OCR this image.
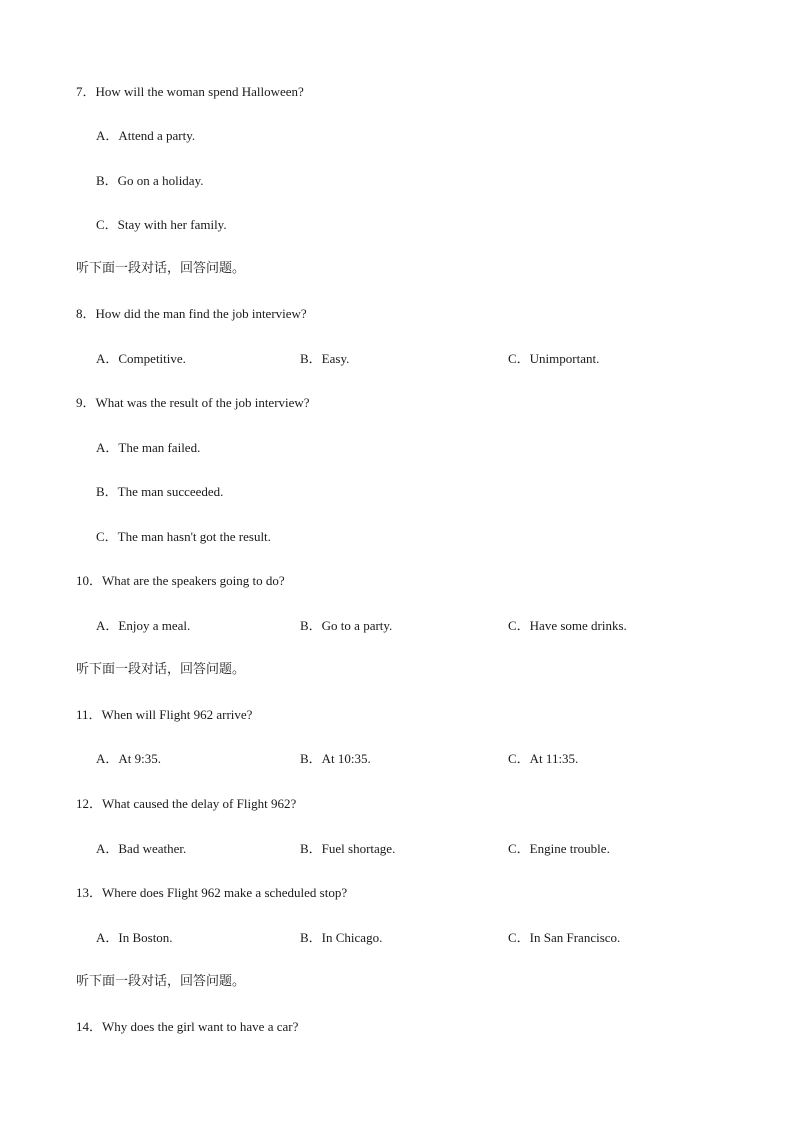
7．How will the woman spend Halloween?
A．Attend a party.
B．Go on a holiday.
C．Stay with her family.
听下面一段对话，回答问题。
8．How did the man find the job interview?
A．Competitive.	B．Easy.	C．Unimportant.
9．What was the result of the job interview?
A．The man failed.
B．The man succeeded.
C．The man hasn't got the result.
10．What are the speakers going to do?
A．Enjoy a meal.	B．Go to a party.	C．Have some drinks.
听下面一段对话，回答问题。
11．When will Flight 962 arrive?
A．At 9:35.	B．At 10:35.	C．At 11:35.
12．What caused the delay of Flight 962?
A．Bad weather.	B．Fuel shortage.	C．Engine trouble.
13．Where does Flight 962 make a scheduled stop?
A．In Boston.	B．In Chicago.	C．In San Francisco.
听下面一段对话，回答问题。
14．Why does the girl want to have a car?
